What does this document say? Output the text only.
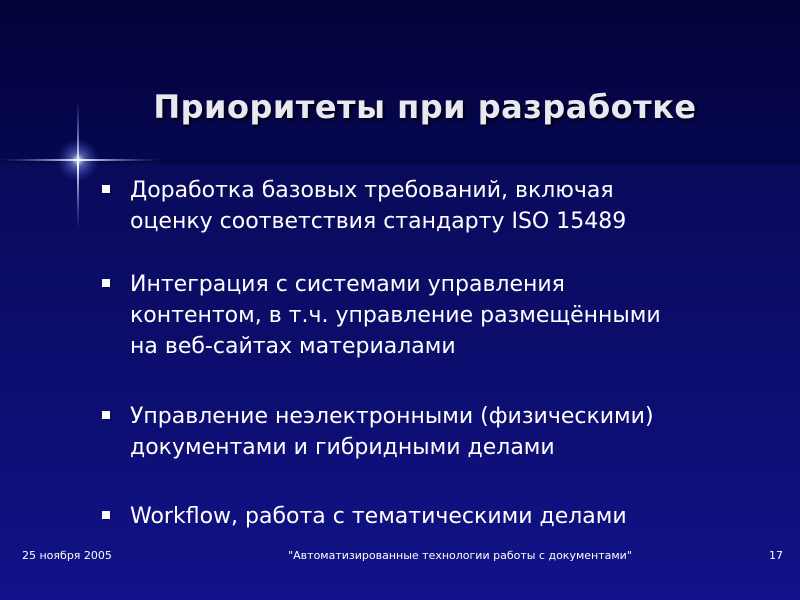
Приоритеты при разработке
Доработка базовых требований, включая
оценку соответствия стандарту ISO 15489
Интеграция с системами управления
контентом, в т.ч. управление размещёнными
на веб-сайтах материалами
Управление неэлектронными (физическими)
документами и гибридными делами
Workflow, работа с тематическими делами
25 ноября 2005	"Автоматизированные технологии работы с документами"	17
